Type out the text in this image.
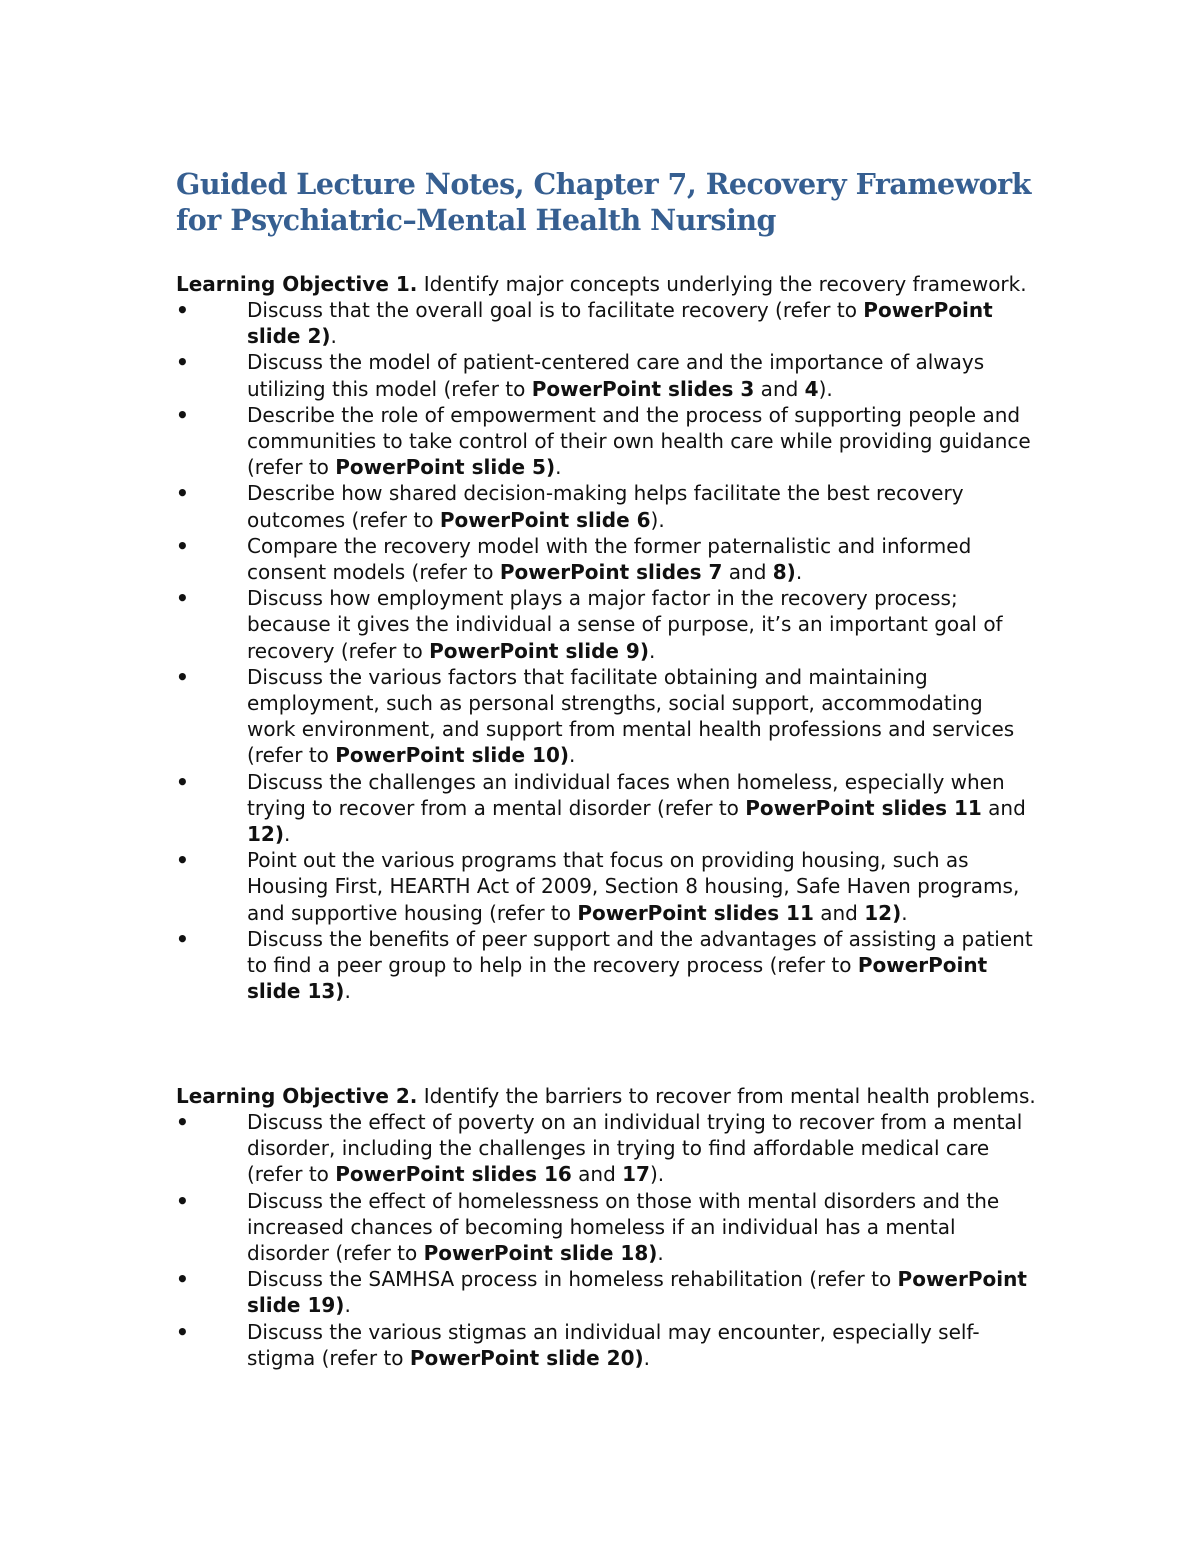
Guided Lecture Notes, Chapter 7, Recovery Framework for Psychiatric–Mental Health Nursing
Learning Objective 1. Identify major concepts underlying the recovery framework.
• Discuss that the overall goal is to facilitate recovery (refer to PowerPoint slide 2).
• Discuss the model of patient-centered care and the importance of always utilizing this model (refer to PowerPoint slides 3 and 4).
• Describe the role of empowerment and the process of supporting people and communities to take control of their own health care while providing guidance (refer to PowerPoint slide 5).
• Describe how shared decision-making helps facilitate the best recovery outcomes (refer to PowerPoint slide 6).
• Compare the recovery model with the former paternalistic and informed consent models (refer to PowerPoint slides 7 and 8).
• Discuss how employment plays a major factor in the recovery process; because it gives the individual a sense of purpose, it’s an important goal of recovery (refer to PowerPoint slide 9).
• Discuss the various factors that facilitate obtaining and maintaining employment, such as personal strengths, social support, accommodating work environment, and support from mental health professions and services (refer to PowerPoint slide 10).
• Discuss the challenges an individual faces when homeless, especially when trying to recover from a mental disorder (refer to PowerPoint slides 11 and 12).
• Point out the various programs that focus on providing housing, such as Housing First, HEARTH Act of 2009, Section 8 housing, Safe Haven programs, and supportive housing (refer to PowerPoint slides 11 and 12).
• Discuss the benefits of peer support and the advantages of assisting a patient to find a peer group to help in the recovery process (refer to PowerPoint slide 13).
Learning Objective 2. Identify the barriers to recover from mental health problems.
• Discuss the effect of poverty on an individual trying to recover from a mental disorder, including the challenges in trying to find affordable medical care (refer to PowerPoint slides 16 and 17).
• Discuss the effect of homelessness on those with mental disorders and the increased chances of becoming homeless if an individual has a mental disorder (refer to PowerPoint slide 18).
• Discuss the SAMHSA process in homeless rehabilitation (refer to PowerPoint slide 19).
• Discuss the various stigmas an individual may encounter, especially self-stigma (refer to PowerPoint slide 20).
